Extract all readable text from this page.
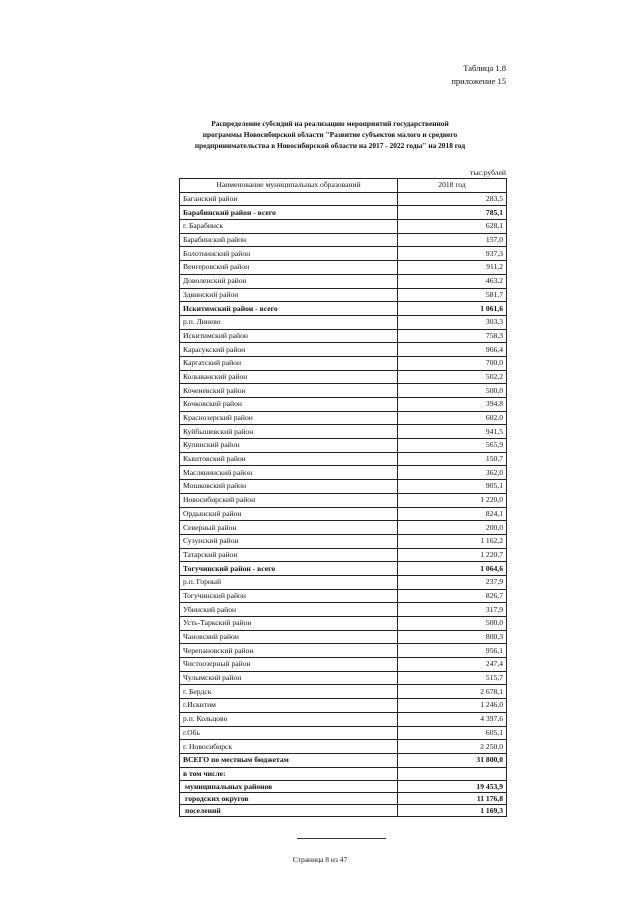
Таблица 1.8
приложение 15
Распределение субсидий на реализацию мероприятий государственной
программы Новосибирской области "Развитие субъектов малого и среднего
предпринимательства в Новосибирской области на 2017 - 2022 годы" на 2018 год
тыс.рублей
Наименование муниципальных образований	2018 год
Баганский район	283,5
Барабинский район - всего	785,1
г. Барабинск	628,1
Барабинский район	157,0
Болотнинский район	937,3
Венгеровский район	911,2
Доволенский район	463,2
Здвинский район	581,7
Искитимский район - всего	1 061,6
р.п. Линево	303,3
Искитимский район	758,3
Карасукский район	966,4
Каргатский район	700,0
Колыванский район	502,2
Коченевский район	500,0
Кочковский район	394,8
Краснозерский район	602,0
Куйбышевский район	941,5
Купинский район	565,9
Кыштовский район	150,7
Маслянинский район	362,0
Мошковский район	905,1
Новосибирский район	1 220,0
Ордынский район	824,1
Северный район	200,0
Сузунский район	1 162,2
Татарский район	1 220,7
Тогучинский район - всего	1 064,6
р.п. Горный	237,9
Тогучинский район	826,7
Убинский район	317,9
Усть-Таркский район	500,0
Чановский район	800,3
Черепановский район	956,1
Чистоозерный район	247,4
Чулымский район	515,7
г. Бердск	2 678,1
г.Искитим	1 246,0
р.п. Кольцово	4 397,6
г.Обь	605,1
г. Новосибирск	2 250,0
ВСЕГО по местным бюджетам	31 800,0
в том числе:	
муниципальных районов	19 453,9
городских округов	11 176,8
поселений	1 169,3
Страница 8 из 47
